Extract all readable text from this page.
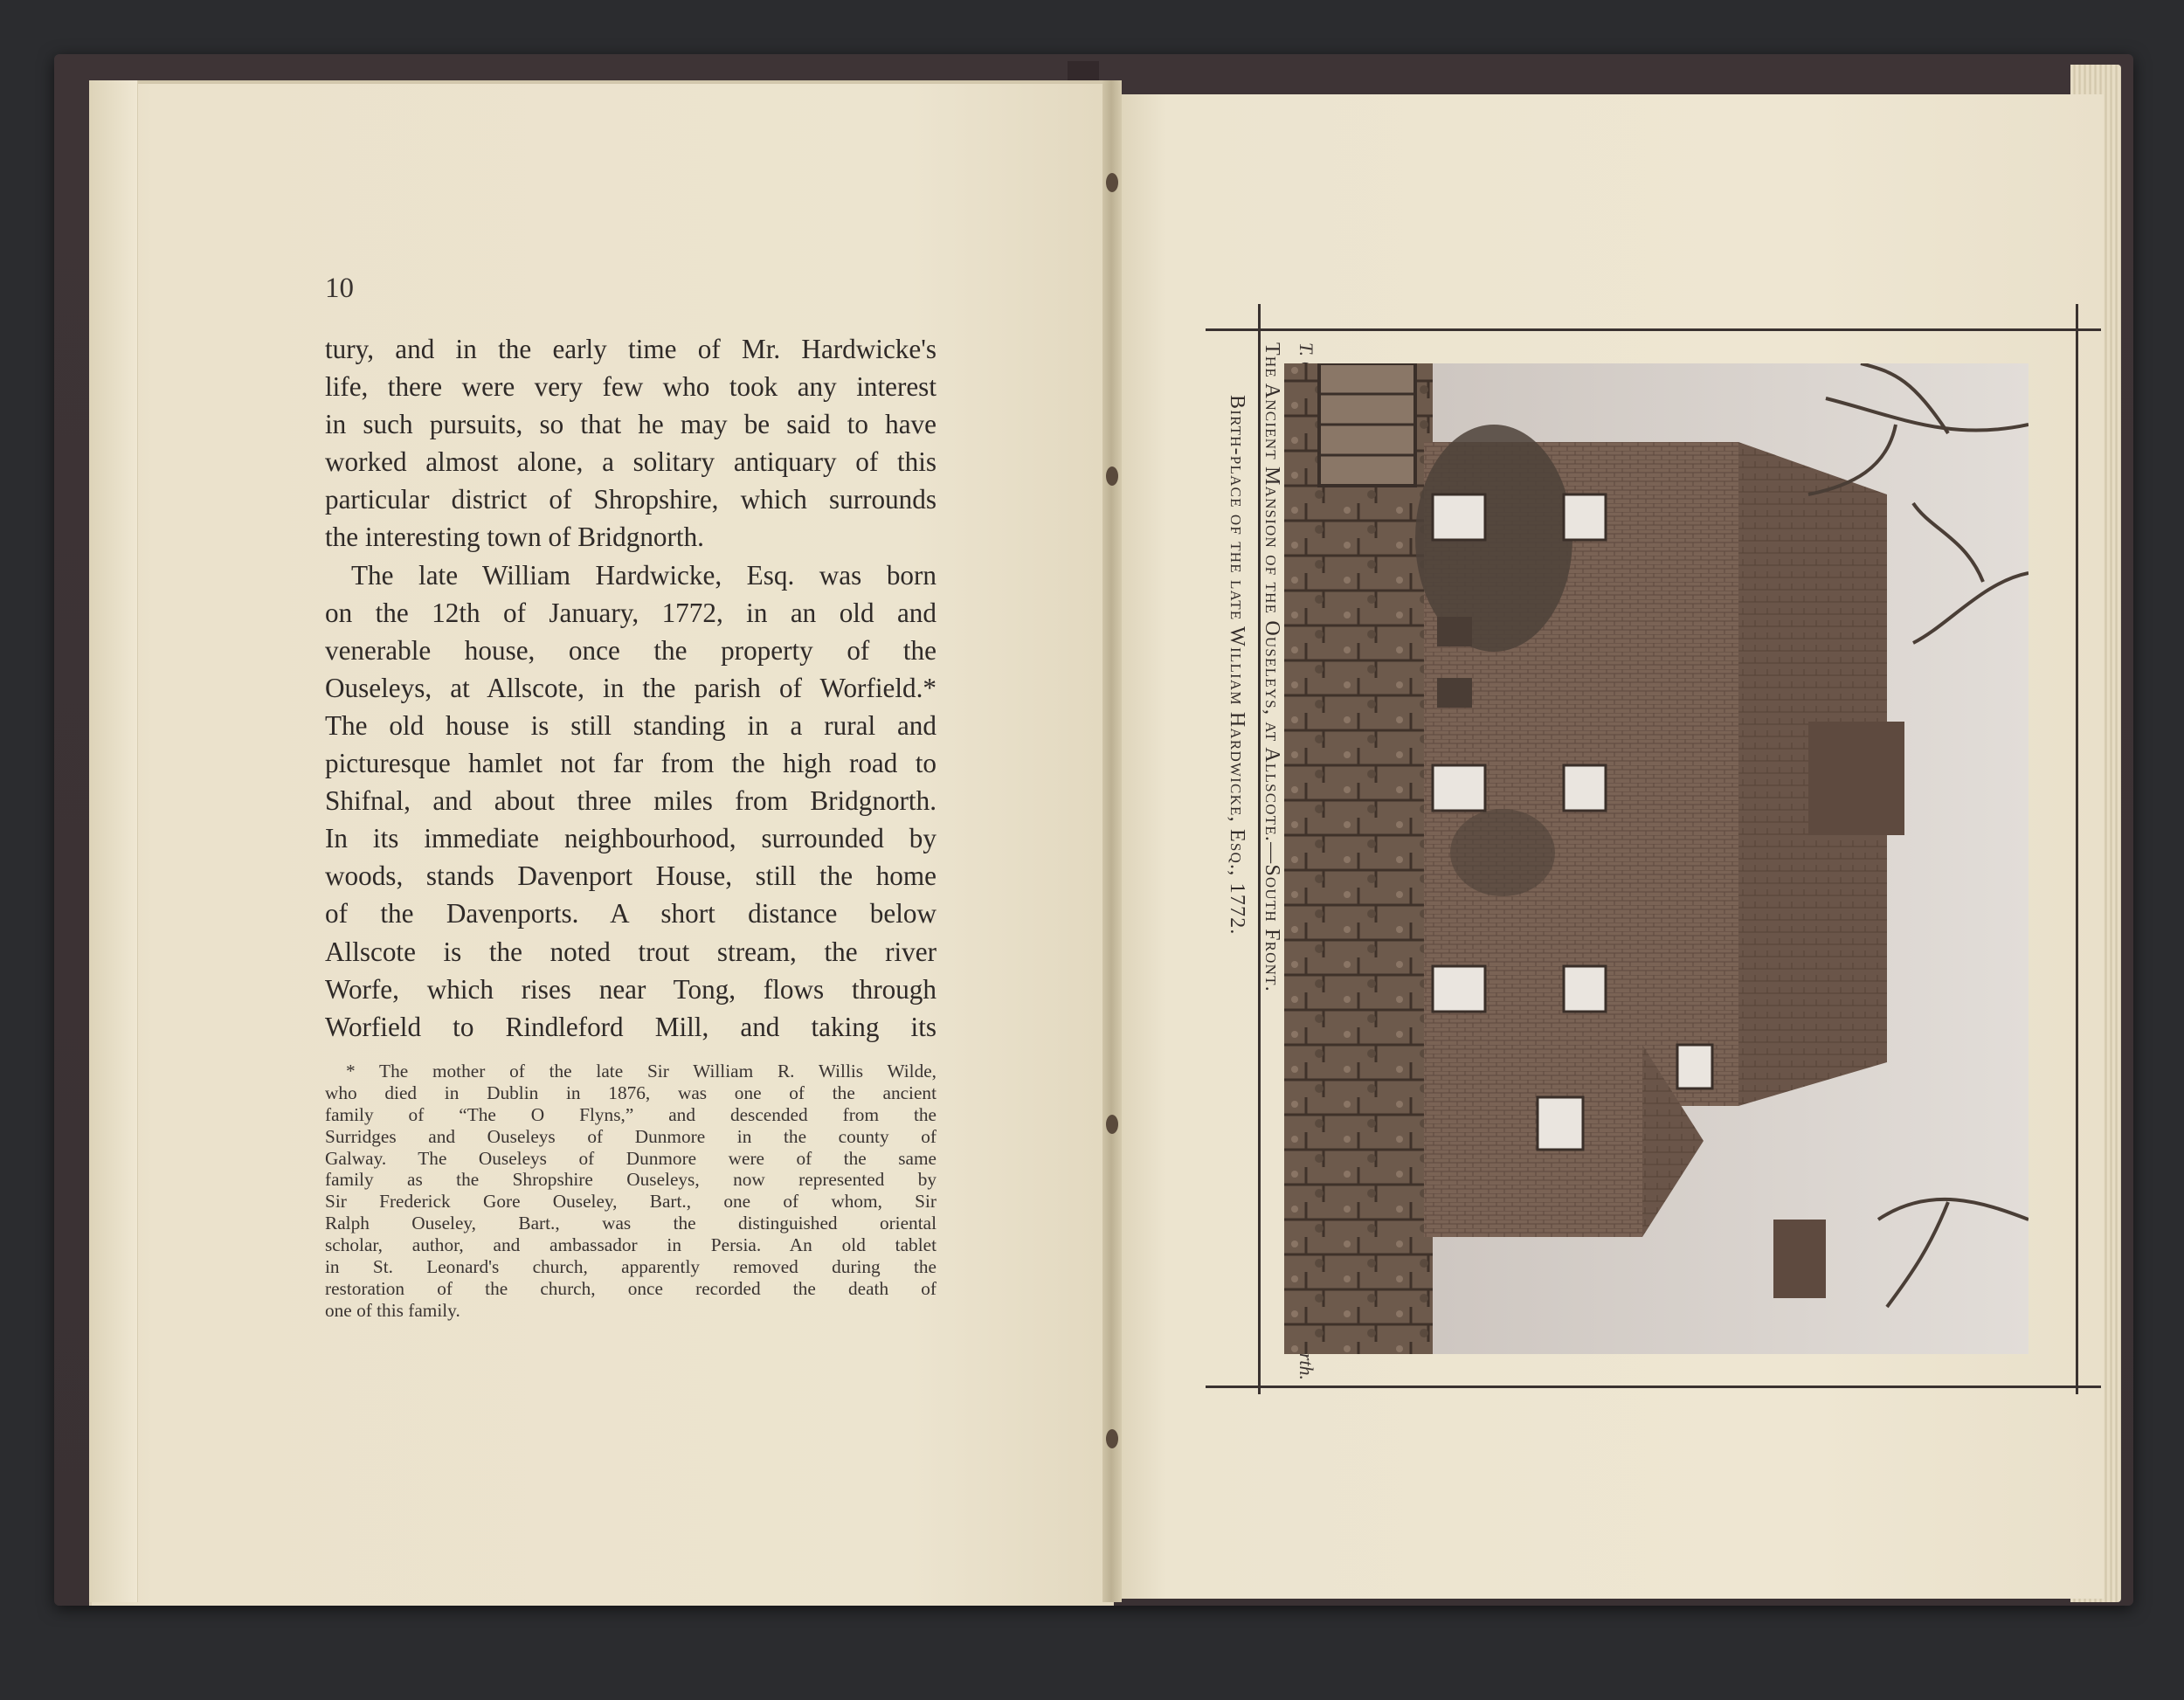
10
tury, and in the early time of Mr. Hardwicke's
life, there were very few who took any interest
in such pursuits, so that he may be said to have
worked almost alone, a solitary antiquary of this
particular district of Shropshire, which surrounds
the interesting town of Bridgnorth.
The late William Hardwicke, Esq. was born
on the 12th of January, 1772, in an old and
venerable house, once the property of the
Ouseleys, at Allscote, in the parish of Worfield.*
The old house is still standing in a rural and
picturesque hamlet not far from the high road to
Shifnal, and about three miles from Bridgnorth.
In its immediate neighbourhood, surrounded by
woods, stands Davenport House, still the home
of the Davenports. A short distance below
Allscote is the noted trout stream, the river
Worfe, which rises near Tong, flows through
Worfield to Rindleford Mill, and taking its
* The mother of the late Sir William R. Willis Wilde,
who died in Dublin in 1876, was one of the ancient
family of “The O Flyns,” and descended from the
Surridges and Ouseleys of Dunmore in the county of
Galway. The Ouseleys of Dunmore were of the same
family as the Shropshire Ouseleys, now represented by
Sir Frederick Gore Ouseley, Bart., one of whom, Sir
Ralph Ouseley, Bart., was the distinguished oriental
scholar, author, and ambassador in Persia. An old tablet
in St. Leonard's church, apparently removed during the
restoration of the church, once recorded the death of
one of this family.
The Ancient Mansion of the Ouseleys, at Allscote.—South Front.
Birth-place of the late William Hardwicke, Esq., 1772.
